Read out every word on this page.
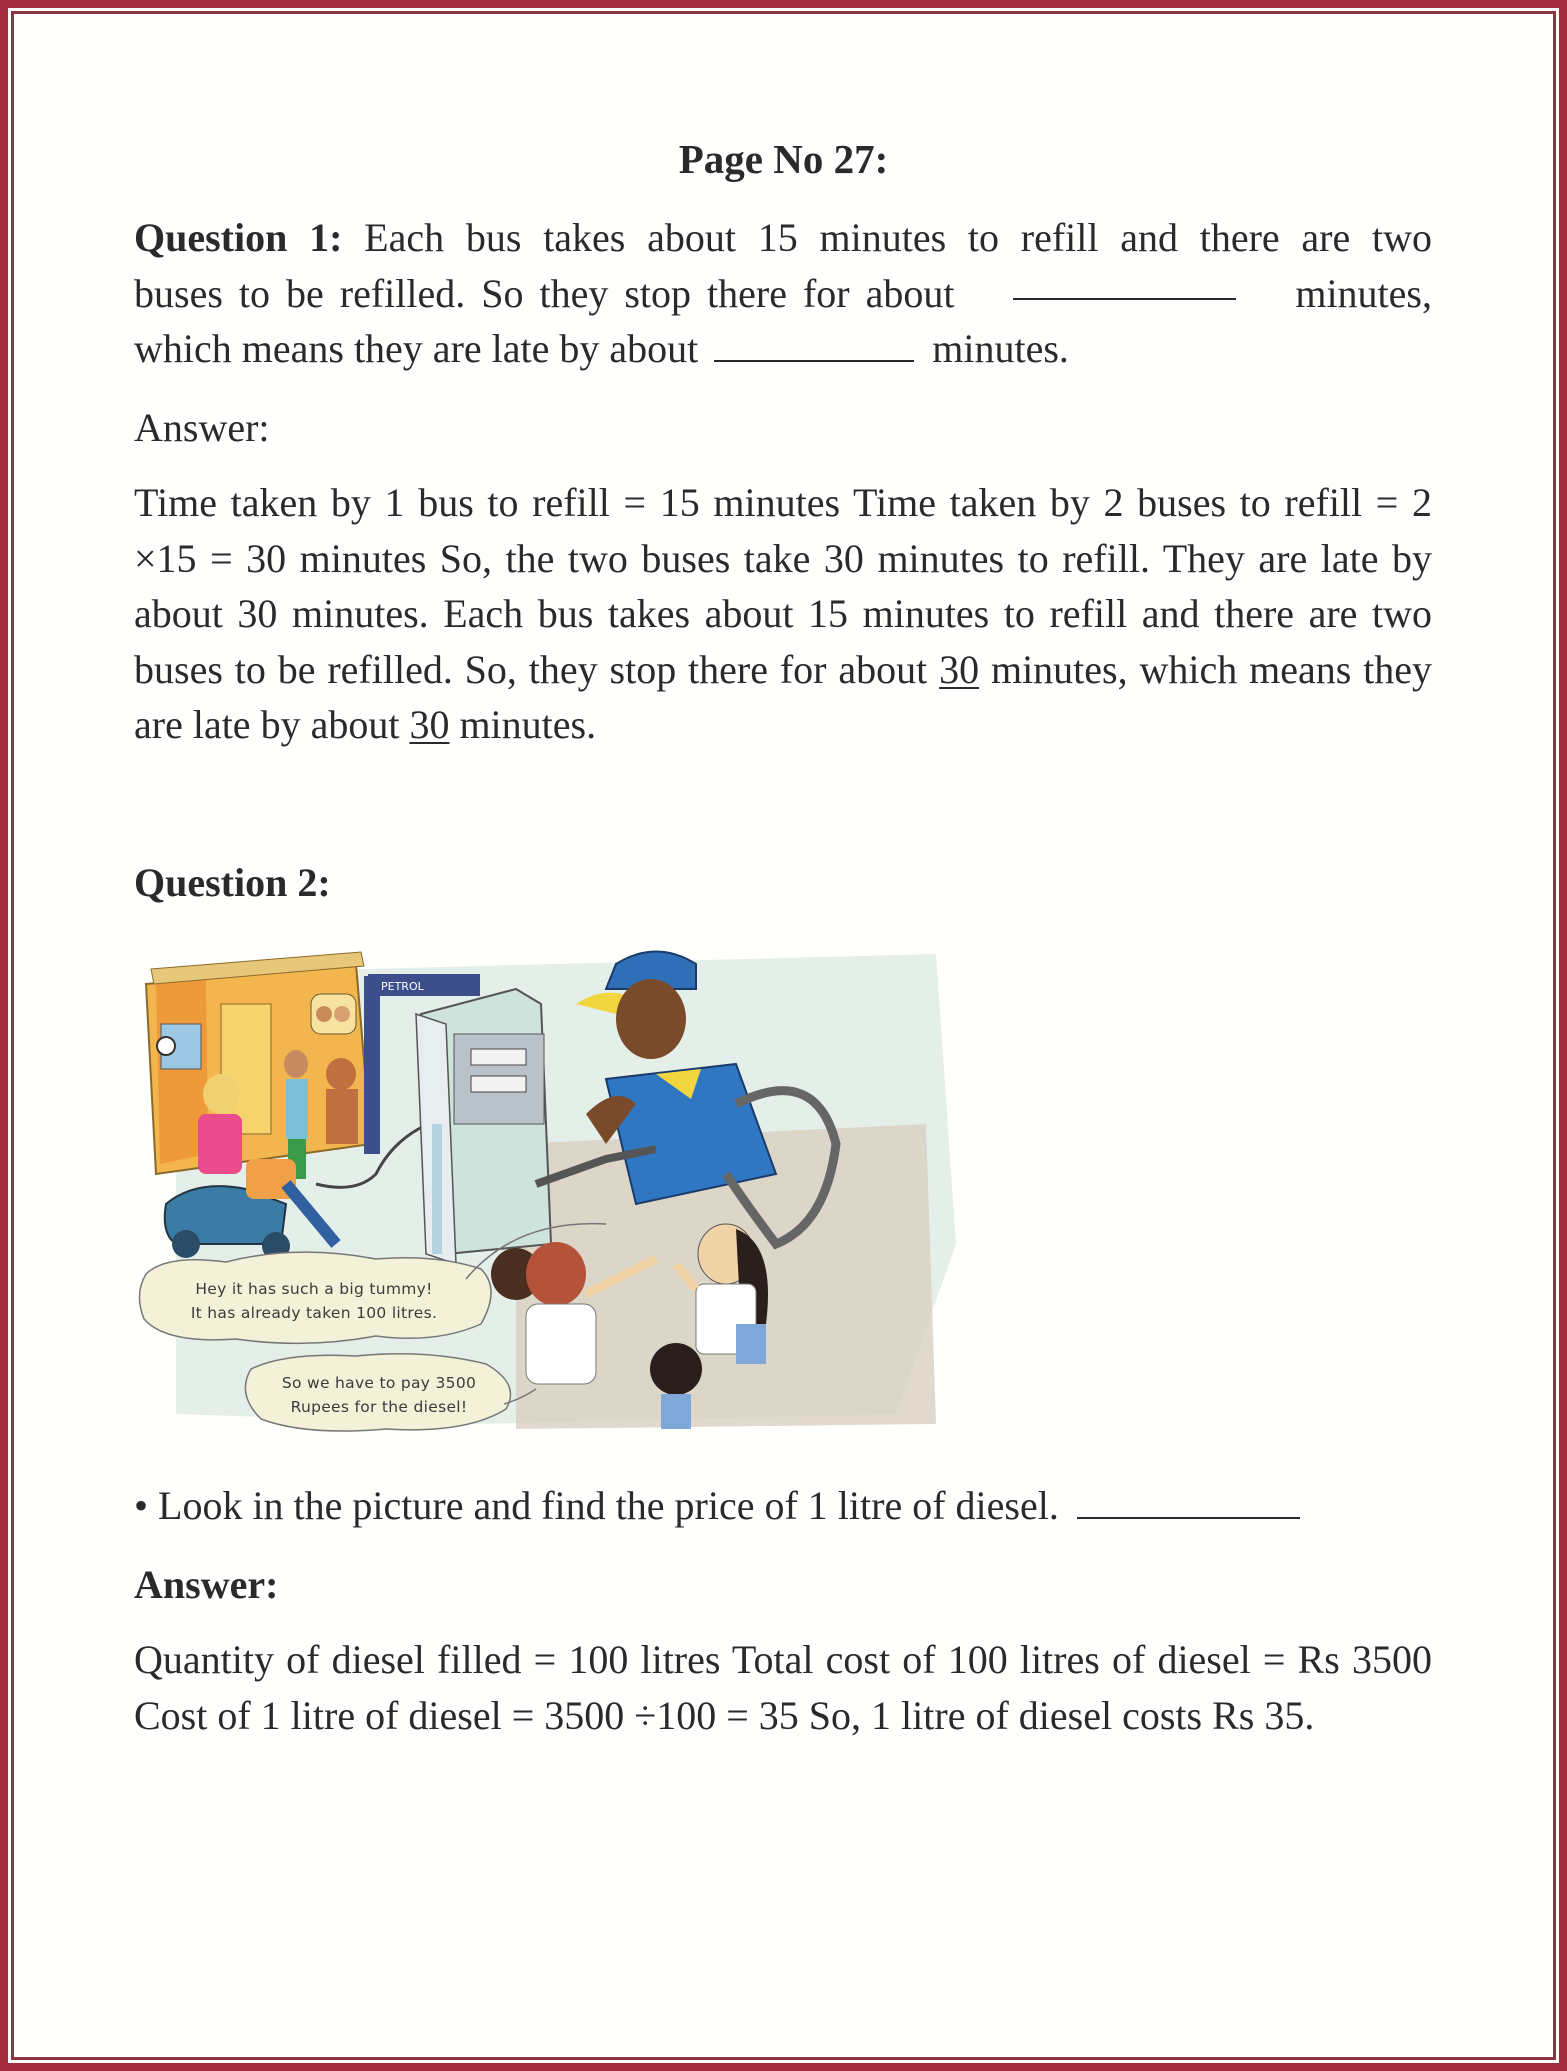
Page No 27:
Question 1: Each bus takes about 15 minutes to refill and there are two
buses to be refilled. So they stop there for about	minutes,
which means they are late by about	minutes.
Answer:
Time taken by 1 bus to refill = 15 minutes Time taken by 2 buses to refill = 2 ×15 = 30 minutes So, the two buses take 30 minutes to refill. They are late by about 30 minutes. Each bus takes about 15 minutes to refill and there are two buses to be refilled. So, they stop there for about 30 minutes, which means they are late by about 30 minutes.
Question 2:
PETROL
Hey it has such a big tummy!
It has already taken 100 litres.
So we have to pay 3500
Rupees for the diesel!
• Look in the picture and find the price of 1 litre of diesel.
Answer:
Quantity of diesel filled = 100 litres Total cost of 100 litres of diesel = Rs 3500 Cost of 1 litre of diesel = 3500 ÷100 = 35 So, 1 litre of diesel costs Rs 35.
